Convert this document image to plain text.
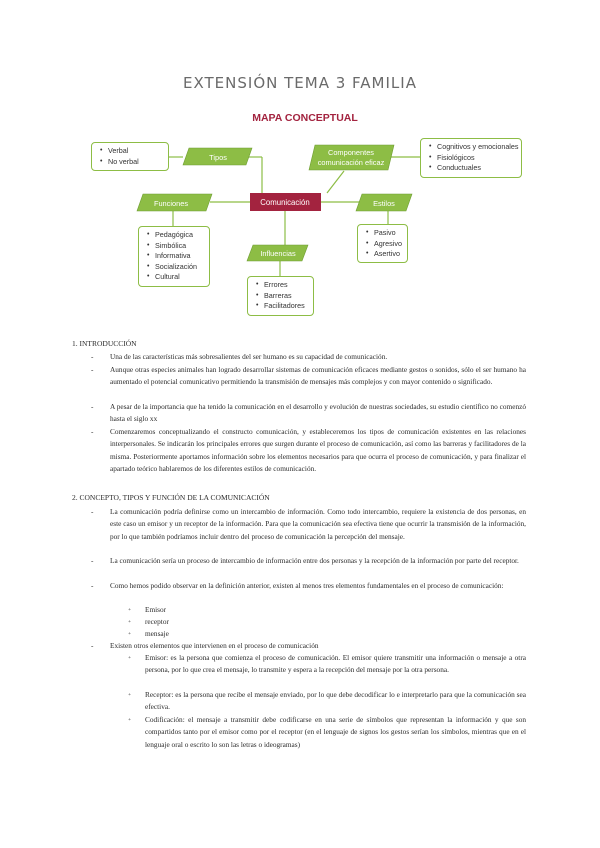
EXTENSIÓN TEMA 3 FAMILIA
MAPA CONCEPTUAL
Tipos
Componentes
comunicación eficaz
Funciones	Estilos
Influencias
Comunicación
• Verbal
• No verbal
• Cognitivos y emocionales
• Fisiológicos
• Conductuales
• Pedagógica
• Simbólica
• Informativa
• Socialización
• Cultural
• Pasivo
• Agresivo
• Asertivo
• Errores
• Barreras
• Facilitadores
1. INTRODUCCIÓN
- Una de las características más sobresalientes del ser humano es su capacidad de comunicación.

- Aunque otras especies animales han logrado desarrollar sistemas de comunicación eficaces mediante gestos o sonidos, sólo el ser humano ha aumentado el potencial comunicativo permitiendo la transmisión de mensajes más complejos y con mayor contenido o significado.

- A pesar de la importancia que ha tenido la comunicación en el desarrollo y evolución de nuestras sociedades, su estudio científico no comenzó hasta el siglo xx

- Comenzaremos conceptualizando el constructo comunicación, y estableceremos los tipos de comunicación existentes en las relaciones interpersonales. Se indicarán los principales errores que surgen durante el proceso de comunicación, así como las barreras y facilitadores de la misma. Posteriormente aportamos información sobre los elementos necesarios para que ocurra el proceso de comunicación, y para finalizar el apartado teórico hablaremos de los diferentes estilos de comunicación.

2. CONCEPTO, TIPOS Y FUNCIÓN DE LA COMUNICACIÓN
- La comunicación podría definirse como un intercambio de información. Como todo intercambio, requiere la existencia de dos personas, en este caso un emisor y un receptor de la información. Para que la comunicación sea efectiva tiene que ocurrir la transmisión de la información, por lo que también podríamos incluir dentro del proceso de comunicación la percepción del mensaje.

- La comunicación sería un proceso de intercambio de información entre dos personas y la recepción de la información por parte del receptor.

- Como hemos podido observar en la definición anterior, existen al menos tres elementos fundamentales en el proceso de comunicación:

+ Emisor

+ receptor

+ mensaje

- Existen otros elementos que intervienen en el proceso de comunicación

+ Emisor: es la persona que comienza el proceso de comunicación. El emisor quiere transmitir una información o mensaje a otra persona, por lo que crea el mensaje, lo transmite y espera a la recepción del mensaje por la otra persona.

+ Receptor: es la persona que recibe el mensaje enviado, por lo que debe decodificar lo e interpretarlo para que la comunicación sea efectiva.

+ Codificación: el mensaje a transmitir debe codificarse en una serie de símbolos que representan la información y que son compartidos tanto por el emisor como por el receptor (en el lenguaje de signos los gestos serían los símbolos, mientras que en el lenguaje oral o escrito lo son las letras o ideogramas)
